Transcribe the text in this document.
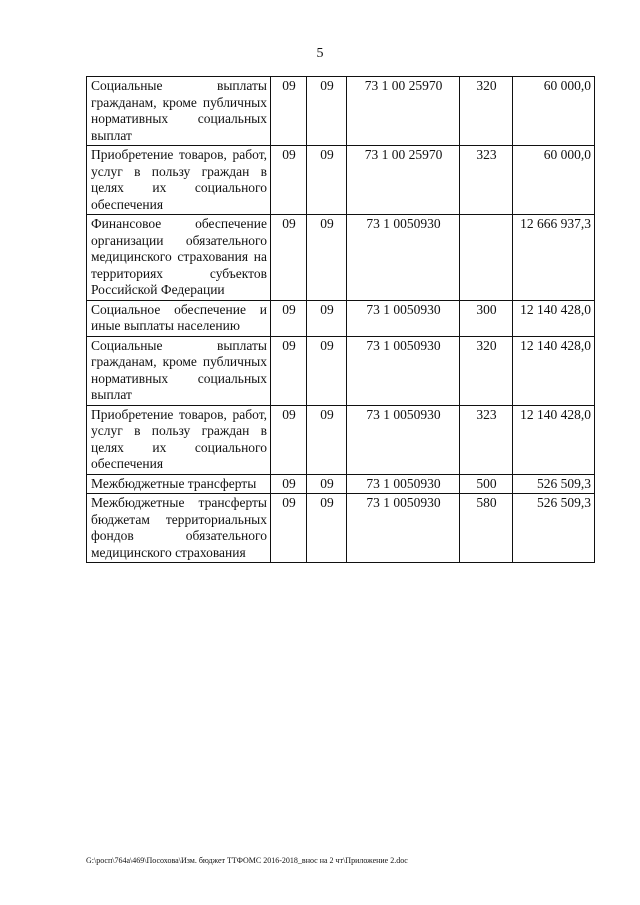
5
Социальные выплаты гражданам, кроме публичных нормативных социальных выплат	09	09	73 1 00 25970	320	60 000,0
Приобретение товаров, работ, услуг в пользу граждан в целях их социального обеспечения	09	09	73 1 00 25970	323	60 000,0
Финансовое обеспечение организации обязательного медицинского страхования на территориях субъектов Российской Федерации	09	09	73 1 0050930		12 666 937,3
Социальное обеспечение и иные выплаты населению	09	09	73 1 0050930	300	12 140 428,0
Социальные выплаты гражданам, кроме публичных нормативных социальных выплат	09	09	73 1 0050930	320	12 140 428,0
Приобретение товаров, работ, услуг в пользу граждан в целях их социального обеспечения	09	09	73 1 0050930	323	12 140 428,0
Межбюджетные трансферты	09	09	73 1 0050930	500	526 509,3
Межбюджетные трансферты бюджетам территориальных фондов обязательного медицинского страхования	09	09	73 1 0050930	580	526 509,3
G:\росп\764a\469\Посохова\Изм. бюджет ТТФОМС 2016-2018_внос на 2 чт\Приложение 2.doc
